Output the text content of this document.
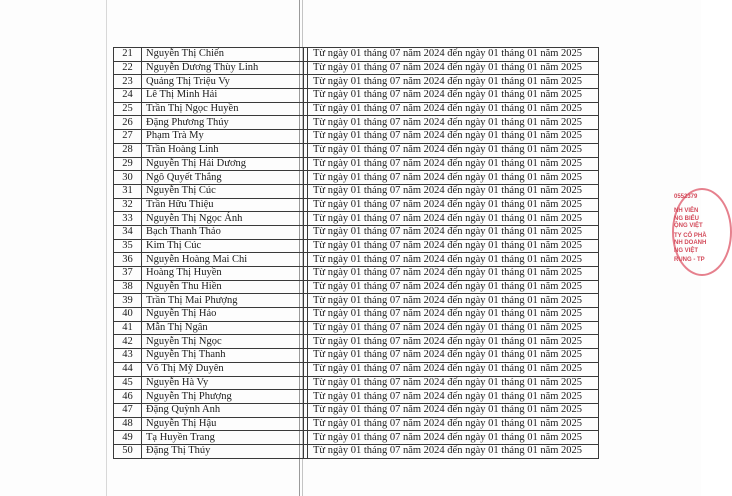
21	Nguyễn Thị Chiến		Từ ngày 01 tháng 07 năm 2024 đến ngày 01 tháng 01 năm 2025
22	Nguyễn Dương Thùy Linh		Từ ngày 01 tháng 07 năm 2024 đến ngày 01 tháng 01 năm 2025
23	Quảng Thị Triệu Vy		Từ ngày 01 tháng 07 năm 2024 đến ngày 01 tháng 01 năm 2025
24	Lê Thị Minh Hải		Từ ngày 01 tháng 07 năm 2024 đến ngày 01 tháng 01 năm 2025
25	Trần Thị Ngọc Huyền		Từ ngày 01 tháng 07 năm 2024 đến ngày 01 tháng 01 năm 2025
26	Đặng Phương Thúy		Từ ngày 01 tháng 07 năm 2024 đến ngày 01 tháng 01 năm 2025
27	Phạm Trà My		Từ ngày 01 tháng 07 năm 2024 đến ngày 01 tháng 01 năm 2025
28	Trần Hoàng Linh		Từ ngày 01 tháng 07 năm 2024 đến ngày 01 tháng 01 năm 2025
29	Nguyễn Thị Hải Dương		Từ ngày 01 tháng 07 năm 2024 đến ngày 01 tháng 01 năm 2025
30	Ngô Quyết Thắng		Từ ngày 01 tháng 07 năm 2024 đến ngày 01 tháng 01 năm 2025
31	Nguyễn Thị Cúc		Từ ngày 01 tháng 07 năm 2024 đến ngày 01 tháng 01 năm 2025
32	Trần Hữu Thiệu		Từ ngày 01 tháng 07 năm 2024 đến ngày 01 tháng 01 năm 2025
33	Nguyễn Thị Ngọc Ánh		Từ ngày 01 tháng 07 năm 2024 đến ngày 01 tháng 01 năm 2025
34	Bạch Thanh Thảo		Từ ngày 01 tháng 07 năm 2024 đến ngày 01 tháng 01 năm 2025
35	Kim Thị Cúc		Từ ngày 01 tháng 07 năm 2024 đến ngày 01 tháng 01 năm 2025
36	Nguyễn Hoàng Mai Chi		Từ ngày 01 tháng 07 năm 2024 đến ngày 01 tháng 01 năm 2025
37	Hoàng Thị Huyền		Từ ngày 01 tháng 07 năm 2024 đến ngày 01 tháng 01 năm 2025
38	Nguyễn Thu Hiền		Từ ngày 01 tháng 07 năm 2024 đến ngày 01 tháng 01 năm 2025
39	Trần Thị Mai Phượng		Từ ngày 01 tháng 07 năm 2024 đến ngày 01 tháng 01 năm 2025
40	Nguyễn Thị Hảo		Từ ngày 01 tháng 07 năm 2024 đến ngày 01 tháng 01 năm 2025
41	Mẫn Thị Ngân		Từ ngày 01 tháng 07 năm 2024 đến ngày 01 tháng 01 năm 2025
42	Nguyễn Thị Ngọc		Từ ngày 01 tháng 07 năm 2024 đến ngày 01 tháng 01 năm 2025
43	Nguyễn Thị Thanh		Từ ngày 01 tháng 07 năm 2024 đến ngày 01 tháng 01 năm 2025
44	Võ Thị Mỹ Duyên		Từ ngày 01 tháng 07 năm 2024 đến ngày 01 tháng 01 năm 2025
45	Nguyễn Hà Vy		Từ ngày 01 tháng 07 năm 2024 đến ngày 01 tháng 01 năm 2025
46	Nguyễn Thị Phượng		Từ ngày 01 tháng 07 năm 2024 đến ngày 01 tháng 01 năm 2025
47	Đặng Quỳnh Anh		Từ ngày 01 tháng 07 năm 2024 đến ngày 01 tháng 01 năm 2025
48	Nguyễn Thị Hậu		Từ ngày 01 tháng 07 năm 2024 đến ngày 01 tháng 01 năm 2025
49	Tạ Huyền Trang		Từ ngày 01 tháng 07 năm 2024 đến ngày 01 tháng 01 năm 2025
50	Đặng Thị Thúy		Từ ngày 01 tháng 07 năm 2024 đến ngày 01 tháng 01 năm 2025
0552379
NH VIÊN
NG BIỂU
ỘNG VIỆT
TY CỔ PHẦ
NH DOANH
NG VIỆT
RUNG - TP
